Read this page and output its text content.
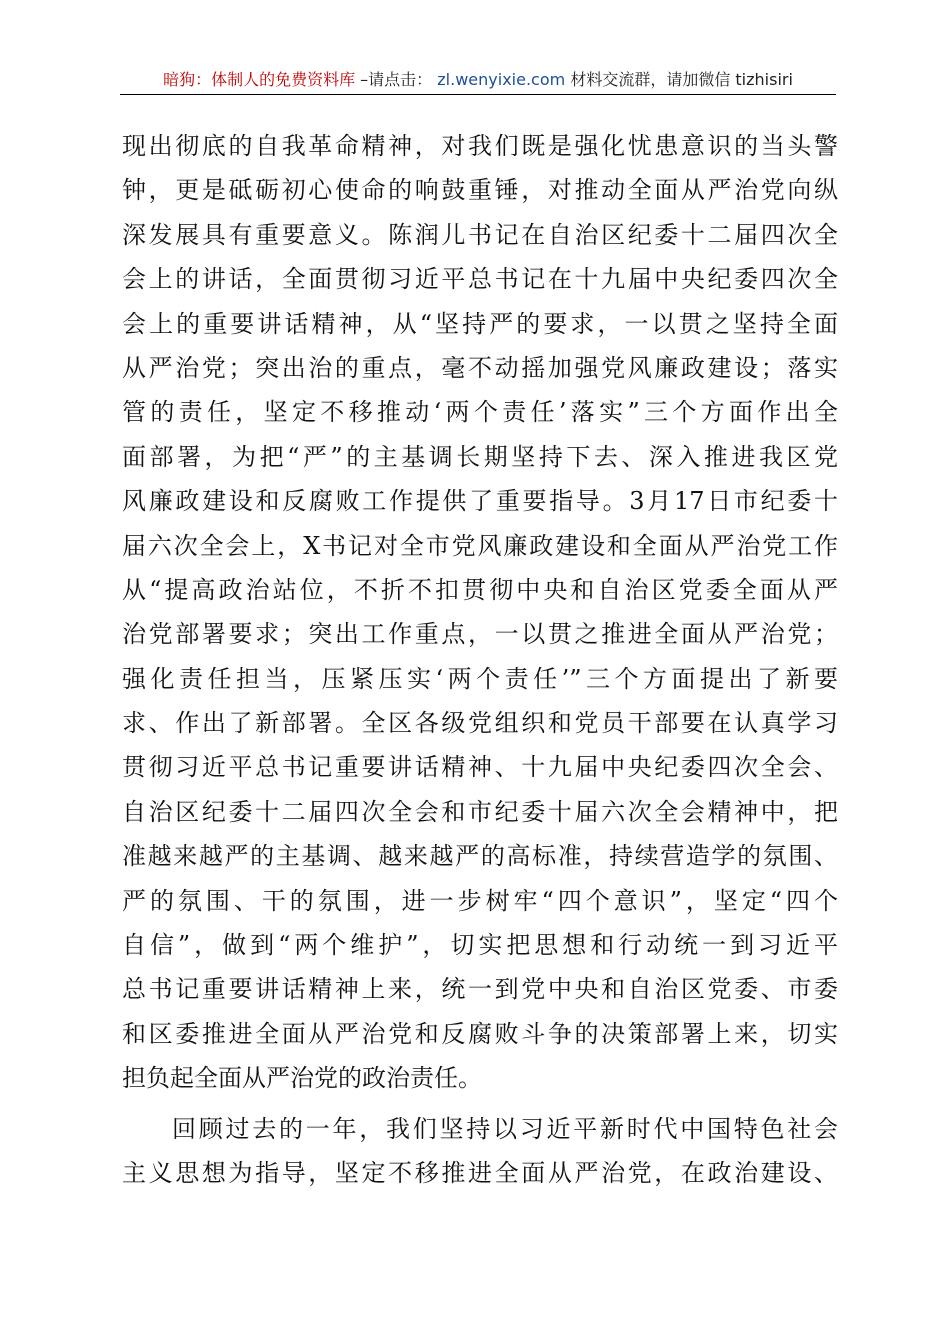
暗狗：体制人的免费资料库 –请点击： zl.wenyixie.com 材料交流群，请加微信 tizhisiri
现出彻底的自我革命精神，对我们既是强化忧患意识的当头警
钟，更是砥砺初心使命的响鼓重锤，对推动全面从严治党向纵
深发展具有重要意义。陈润儿书记在自治区纪委十二届四次全
会上的讲话，全面贯彻习近平总书记在十九届中央纪委四次全
会上的重要讲话精神，从“坚持严的要求，一以贯之坚持全面
从严治党；突出治的重点，毫不动摇加强党风廉政建设；落实
管的责任，坚定不移推动‘两个责任’落实”三个方面作出全
面部署，为把“严”的主基调长期坚持下去、深入推进我区党
风廉政建设和反腐败工作提供了重要指导。3月17日市纪委十
届六次全会上，X书记对全市党风廉政建设和全面从严治党工作
从“提高政治站位，不折不扣贯彻中央和自治区党委全面从严
治党部署要求；突出工作重点，一以贯之推进全面从严治党；
强化责任担当，压紧压实‘两个责任’”三个方面提出了新要
求、作出了新部署。全区各级党组织和党员干部要在认真学习
贯彻习近平总书记重要讲话精神、十九届中央纪委四次全会、
自治区纪委十二届四次全会和市纪委十届六次全会精神中，把
准越来越严的主基调、越来越严的高标准，持续营造学的氛围、
严的氛围、干的氛围，进一步树牢“四个意识”，坚定“四个
自信”，做到“两个维护”，切实把思想和行动统一到习近平
总书记重要讲话精神上来，统一到党中央和自治区党委、市委
和区委推进全面从严治党和反腐败斗争的决策部署上来，切实
担负起全面从严治党的政治责任。
回顾过去的一年，我们坚持以习近平新时代中国特色社会
主义思想为指导，坚定不移推进全面从严治党，在政治建设、
